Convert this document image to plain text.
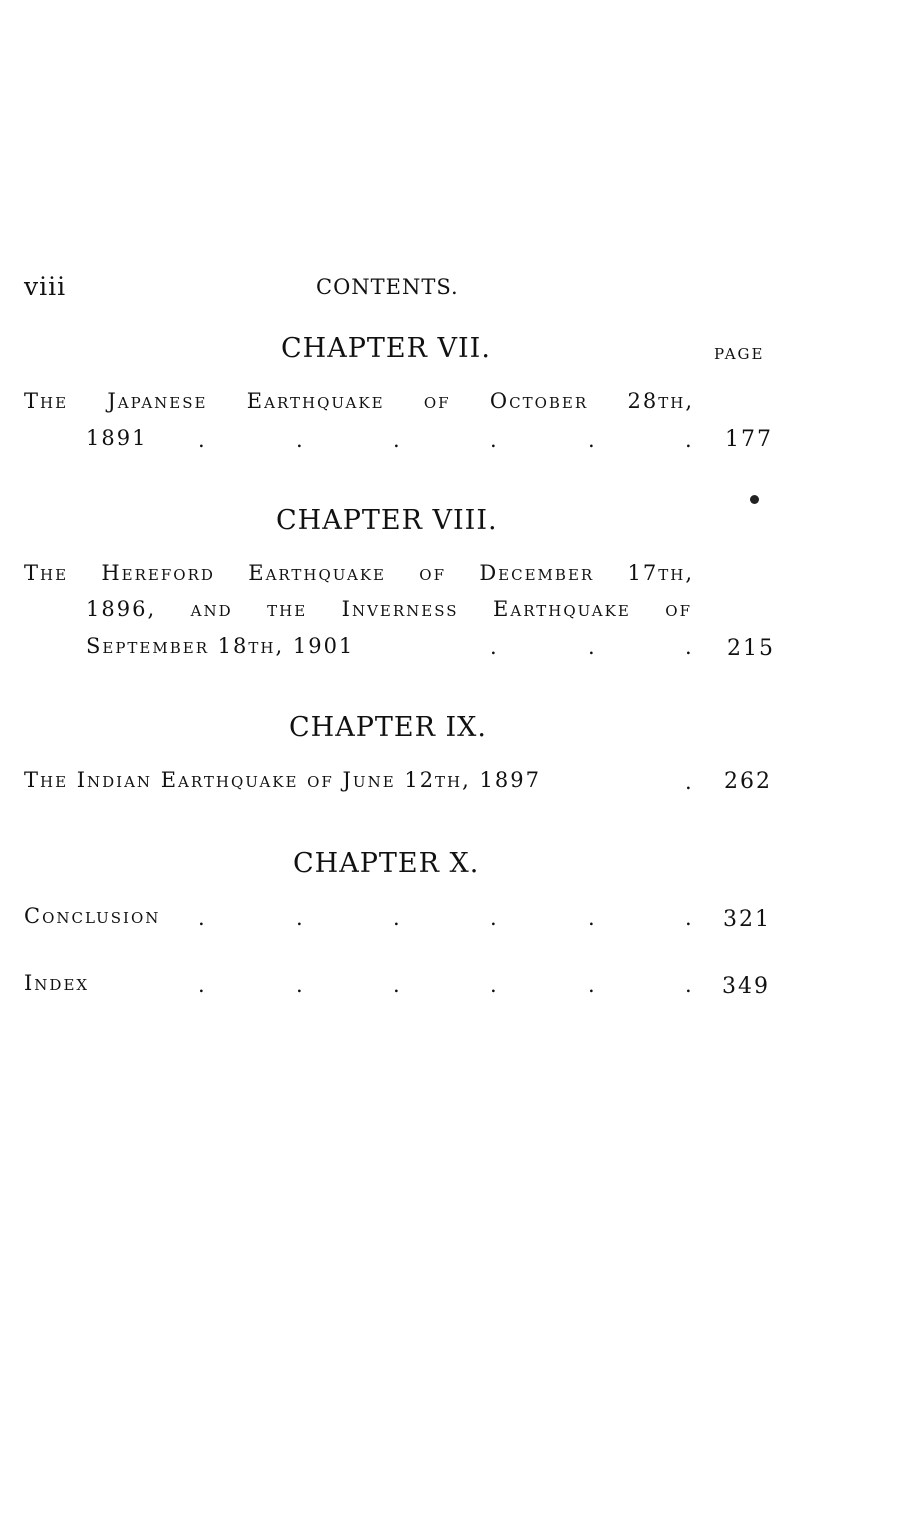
viii	CONTENTS.
CHAPTER VII.	PAGE
The Japanese Earthquake of October 28th,
1891 .	.	.	.	.	. 177
CHAPTER VIII.
The Hereford Earthquake of December 17th,
1896, and the Inverness Earthquake of
September 18th, 1901	.	.	. 215
CHAPTER IX.
The Indian Earthquake of June 12th, 1897	. 262
CHAPTER X.
Conclusion .	.	.	.	.	. 321
Index	.	.	.	.	.	. 349
